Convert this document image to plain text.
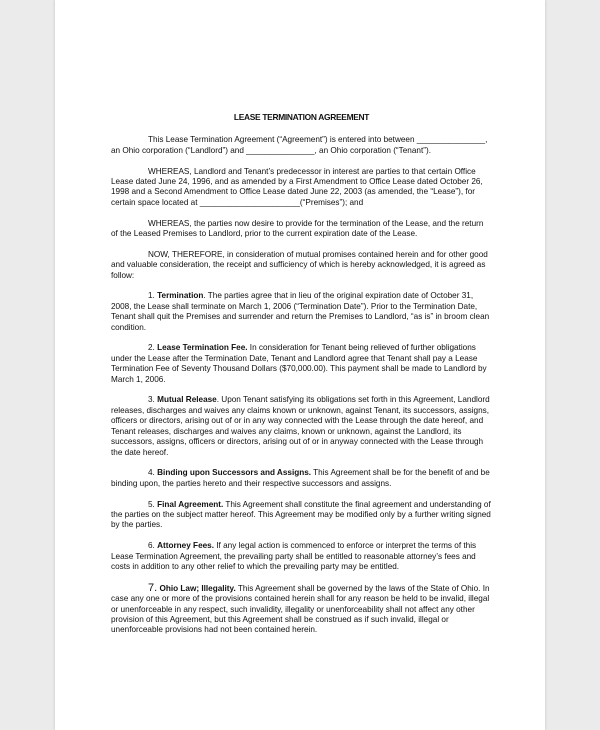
LEASE TERMINATION AGREEMENT

This Lease Termination Agreement (“Agreement”) is entered into between _______________, an Ohio corporation (“Landlord”) and _______________, an Ohio corporation (“Tenant”).

WHEREAS, Landlord and Tenant’s predecessor in interest are parties to that certain Office Lease dated June 24, 1996, and as amended by a First Amendment to Office Lease dated October 26, 1998 and a Second Amendment to Office Lease dated June 22, 2003 (as amended, the “Lease”), for certain space located at ______________________(“Premises”); and

WHEREAS, the parties now desire to provide for the termination of the Lease, and the return of the Leased Premises to Landlord, prior to the current expiration date of the Lease.

NOW, THEREFORE, in consideration of mutual promises contained herein and for other good and valuable consideration, the receipt and sufficiency of which is hereby acknowledged, it is agreed as follow:

1. Termination. The parties agree that in lieu of the original expiration date of October 31, 2008, the Lease shall terminate on March 1, 2006 (“Termination Date”). Prior to the Termination Date, Tenant shall quit the Premises and surrender and return the Premises to Landlord, “as is” in broom clean condition.

2. Lease Termination Fee. In consideration for Tenant being relieved of further obligations under the Lease after the Termination Date, Tenant and Landlord agree that Tenant shall pay a Lease Termination Fee of Seventy Thousand Dollars ($70,000.00). This payment shall be made to Landlord by March 1, 2006.

3. Mutual Release. Upon Tenant satisfying its obligations set forth in this Agreement, Landlord releases, discharges and waives any claims known or unknown, against Tenant, its successors, assigns, officers or directors, arising out of or in any way connected with the Lease through the date hereof, and Tenant releases, discharges and waives any claims, known or unknown, against the Landlord, its successors, assigns, officers or directors, arising out of or in anyway connected with the Lease through the date hereof.

4. Binding upon Successors and Assigns. This Agreement shall be for the benefit of and be binding upon, the parties hereto and their respective successors and assigns.

5. Final Agreement. This Agreement shall constitute the final agreement and understanding of the parties on the subject matter hereof. This Agreement may be modified only by a further writing signed by the parties.

6. Attorney Fees. If any legal action is commenced to enforce or interpret the terms of this Lease Termination Agreement, the prevailing party shall be entitled to reasonable attorney’s fees and costs in addition to any other relief to which the prevailing party may be entitled.

7. Ohio Law; Illegality. This Agreement shall be governed by the laws of the State of Ohio. In case any one or more of the provisions contained herein shall for any reason be held to be invalid, illegal or unenforceable in any respect, such invalidity, illegality or unenforceability shall not affect any other provision of this Agreement, but this Agreement shall be construed as if such invalid, illegal or unenforceable provisions had not been contained herein.
